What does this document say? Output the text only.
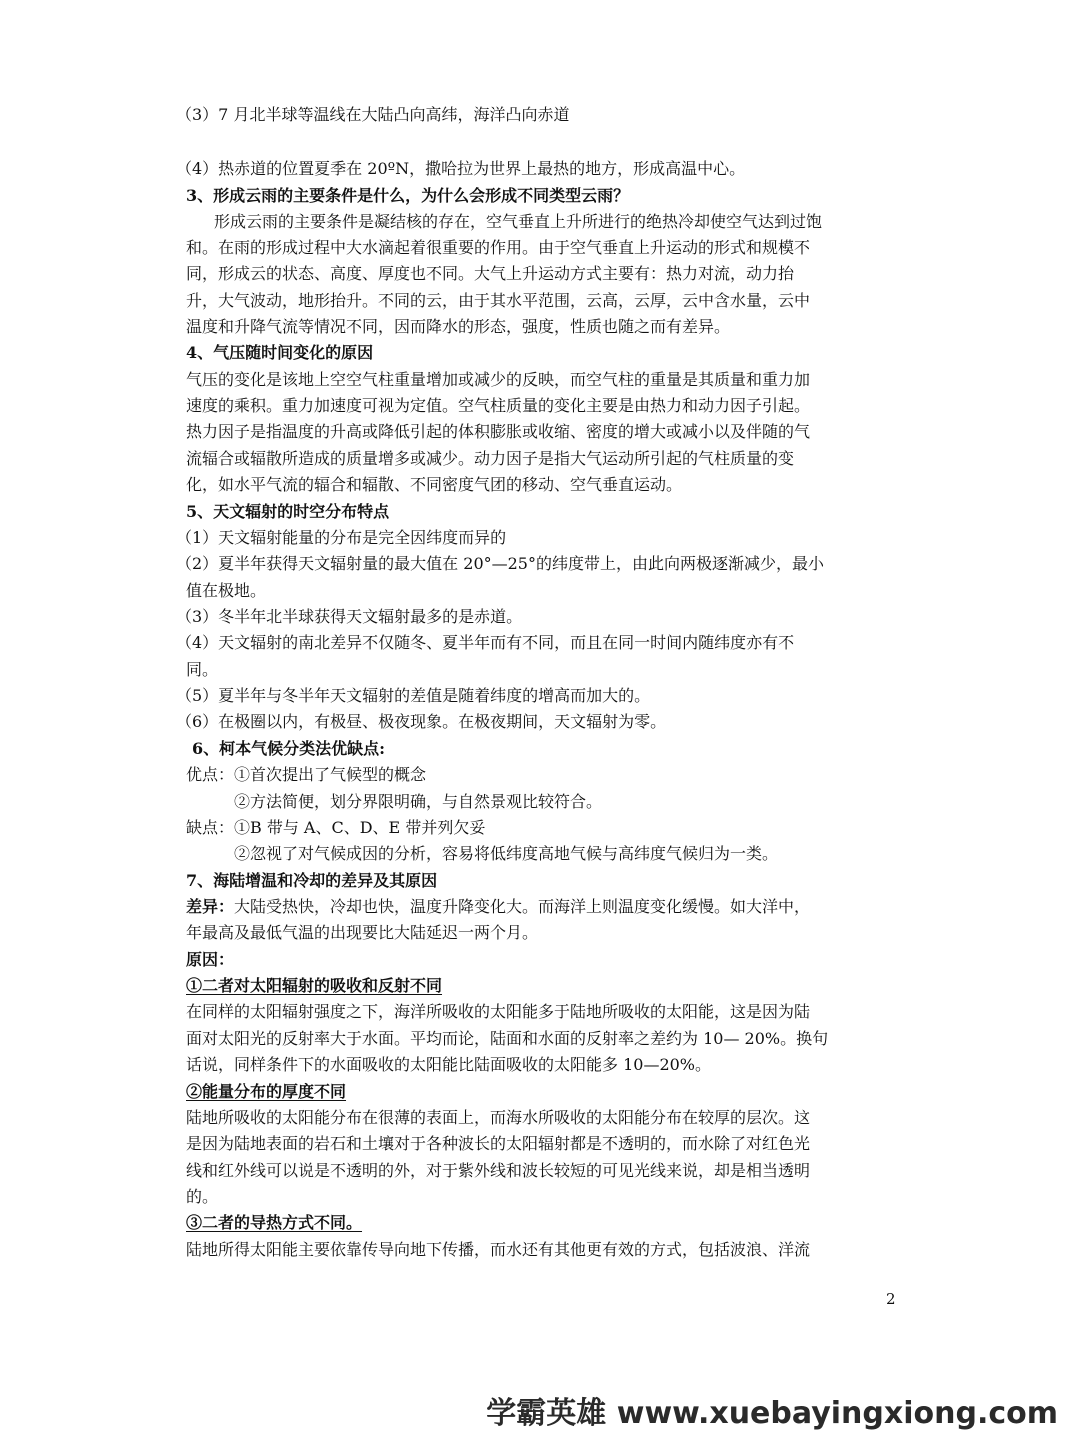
（3）7 月北半球等温线在大陆凸向高纬，海洋凸向赤道

（4）热赤道的位置夏季在 20ºN，撒哈拉为世界上最热的地方，形成高温中心。

3、形成云雨的主要条件是什么，为什么会形成不同类型云雨？

形成云雨的主要条件是凝结核的存在，空气垂直上升所进行的绝热冷却使空气达到过饱

和。在雨的形成过程中大水滴起着很重要的作用。由于空气垂直上升运动的形式和规模不

同，形成云的状态、高度、厚度也不同。大气上升运动方式主要有：热力对流，动力抬

升，大气波动，地形抬升。不同的云，由于其水平范围，云高，云厚，云中含水量，云中

温度和升降气流等情况不同，因而降水的形态，强度，性质也随之而有差异。

4、气压随时间变化的原因

气压的变化是该地上空空气柱重量增加或减少的反映，而空气柱的重量是其质量和重力加

速度的乘积。重力加速度可视为定值。空气柱质量的变化主要是由热力和动力因子引起。

热力因子是指温度的升高或降低引起的体积膨胀或收缩、密度的增大或减小以及伴随的气

流辐合或辐散所造成的质量增多或减少。动力因子是指大气运动所引起的气柱质量的变

化，如水平气流的辐合和辐散、不同密度气团的移动、空气垂直运动。

5、天文辐射的时空分布特点

（1）天文辐射能量的分布是完全因纬度而异的

（2）夏半年获得天文辐射量的最大值在 20°—25°的纬度带上，由此向两极逐渐减少，最小

值在极地。

（3）冬半年北半球获得天文辐射最多的是赤道。

（4）天文辐射的南北差异不仅随冬、夏半年而有不同，而且在同一时间内随纬度亦有不

同。

（5）夏半年与冬半年天文辐射的差值是随着纬度的增高而加大的。

（6）在极圈以内，有极昼、极夜现象。在极夜期间，天文辐射为零。

6、柯本气候分类法优缺点:

优点：①首次提出了气候型的概念

②方法简便，划分界限明确，与自然景观比较符合。

缺点：①B 带与 A、C、D、E 带并列欠妥

②忽视了对气候成因的分析，容易将低纬度高地气候与高纬度气候归为一类。

7、海陆增温和冷却的差异及其原因

差异：大陆受热快，冷却也快，温度升降变化大。而海洋上则温度变化缓慢。如大洋中，

年最高及最低气温的出现要比大陆延迟一两个月。

原因：

①二者对太阳辐射的吸收和反射不同

在同样的太阳辐射强度之下，海洋所吸收的太阳能多于陆地所吸收的太阳能，这是因为陆

面对太阳光的反射率大于水面。平均而论，陆面和水面的反射率之差约为 10— 20%。换句

话说，同样条件下的水面吸收的太阳能比陆面吸收的太阳能多 10—20%。

②能量分布的厚度不同

陆地所吸收的太阳能分布在很薄的表面上，而海水所吸收的太阳能分布在较厚的层次。这

是因为陆地表面的岩石和土壤对于各种波长的太阳辐射都是不透明的，而水除了对红色光

线和红外线可以说是不透明的外，对于紫外线和波长较短的可见光线来说，却是相当透明

的。

③二者的导热方式不同。

陆地所得太阳能主要依靠传导向地下传播，而水还有其他更有效的方式，包括波浪、洋流

2
学霸英雄 www.xuebayingxiong.com
